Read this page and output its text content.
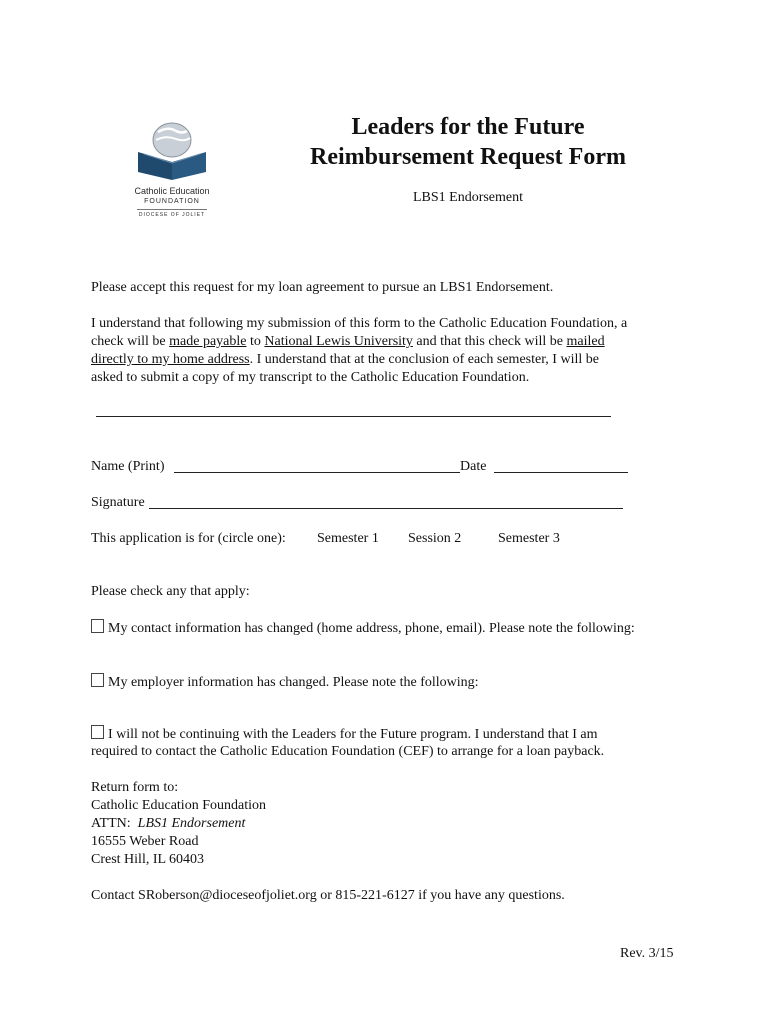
Catholic Education
FOUNDATION
DIOCESE OF JOLIET
Leaders for the Future
Reimbursement Request Form
LBS1 Endorsement
Please accept this request for my loan agreement to pursue an LBS1 Endorsement.
I understand that following my submission of this form to the Catholic Education Foundation, a
check will be made payable to National Lewis University and that this check will be mailed
directly to my home address. I understand that at the conclusion of each semester, I will be
asked to submit a copy of my transcript to the Catholic Education Foundation.
Name (Print)	Date
Signature
This application is for (circle one): Semester 1 Session 2	Semester 3
Please check any that apply:
My contact information has changed (home address, phone, email). Please note the following:
My employer information has changed. Please note the following:
I will not be continuing with the Leaders for the Future program. I understand that I am
required to contact the Catholic Education Foundation (CEF) to arrange for a loan payback.
Return form to:
Catholic Education Foundation
ATTN:  LBS1 Endorsement
16555 Weber Road
Crest Hill, IL 60403
Contact SRoberson@dioceseofjoliet.org or 815-221-6127 if you have any questions.
Rev. 3/15
